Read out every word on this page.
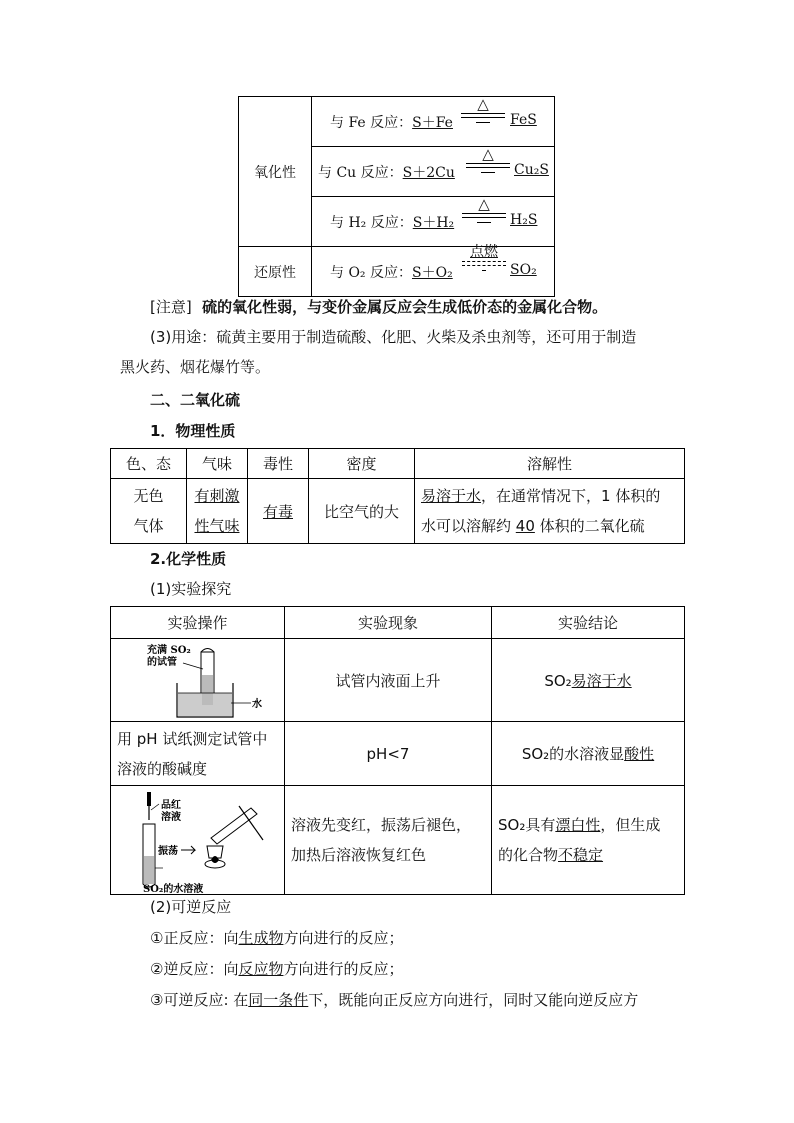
氧化性	与 Fe 反应：S＋Fe
△
FeS

	与 Cu 反应：S＋2Cu
△
Cu₂S

	与 H₂ 反应：S＋H₂
△
H₂S

还原性	与 O₂ 反应：S＋O₂
点燃
SO₂

[注意] 硫的氧化性弱，与变价金属反应会生成低价态的金属化合物。

(3)用途：硫黄主要用于制造硫酸、化肥、火柴及杀虫剂等，还可用于制造

黑火药、烟花爆竹等。

二、二氧化硫

1．物理性质

色、态	气味	毒性	密度	溶解性
无色
气体	有刺激
性气味	有毒	比空气的大	易溶于水，在通常情况下，1 体积的
水可以溶解约 40 体积的二氧化硫

2.化学性质

(1)实验探究

实验操作	实验现象	实验结论

充满 SO₂
的试管
水	试管内液面上升	SO₂易溶于水
用 pH 试纸测定试管中
溶液的酸碱度	pH<7	SO₂的水溶液显酸性

品红
溶液
振荡
SO₂的水溶液	溶液先变红，振荡后褪色，
加热后溶液恢复红色	SO₂具有漂白性，但生成
的化合物不稳定

(2)可逆反应

①正反应：向生成物方向进行的反应；

②逆反应：向反应物方向进行的反应；

③可逆反应: 在同一条件下，既能向正反应方向进行，同时又能向逆反应方
